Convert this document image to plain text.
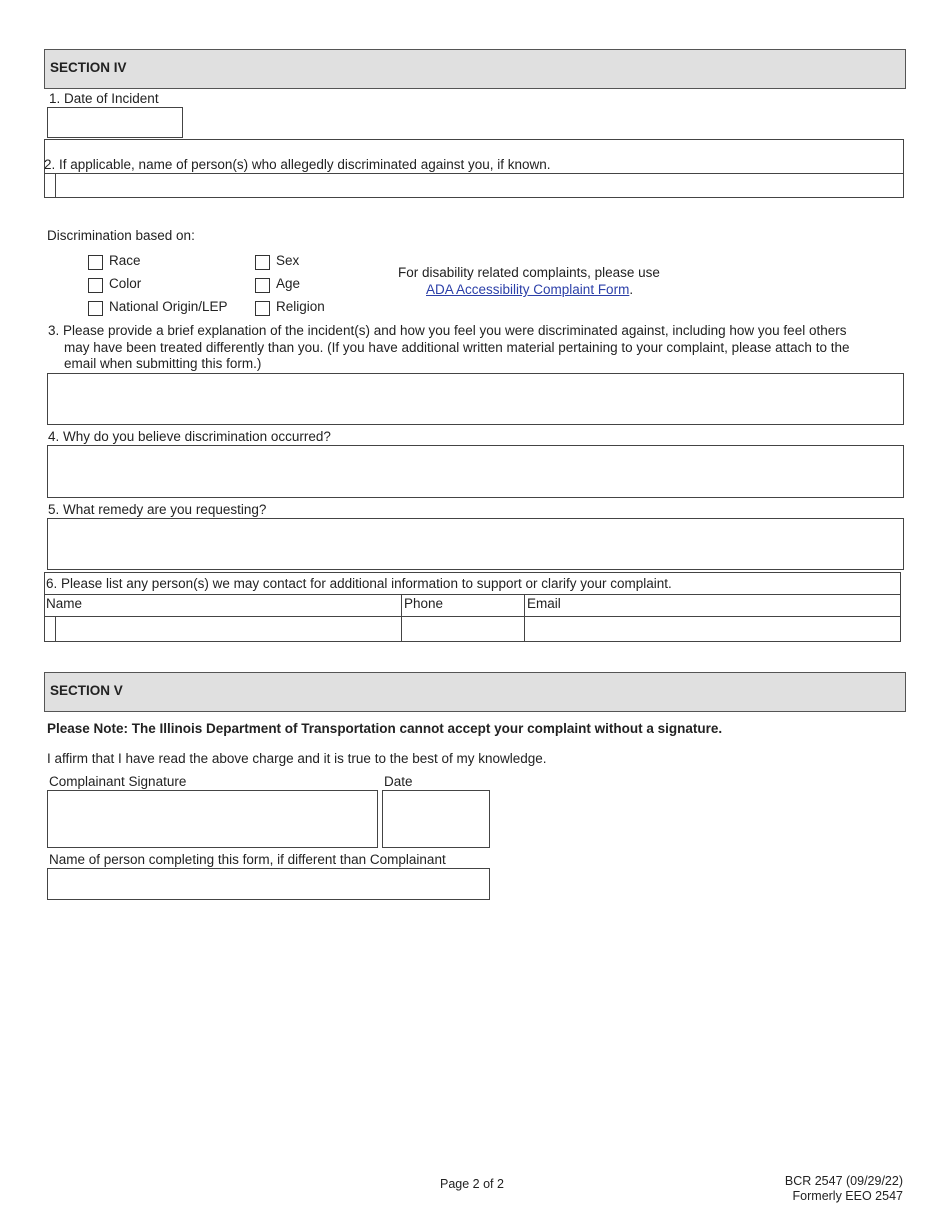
SECTION IV
1. Date of Incident
2. If applicable, name of person(s) who allegedly discriminated against you, if known.
Discrimination based on:
Race
Color
National Origin/LEP
Sex
Age
Religion
For disability related complaints, please use
ADA Accessibility Complaint Form.
3. Please provide a brief explanation of the incident(s) and how you feel you were discriminated against, including how you feel others
may have been treated differently than you. (If you have additional written material pertaining to your complaint, please attach to the
email when submitting this form.)
4. Why do you believe discrimination occurred?
5. What remedy are you requesting?
6. Please list any person(s) we may contact for additional information to support or clarify your complaint.
Name	Phone	Email
SECTION V
Please Note: The Illinois Department of Transportation cannot accept your complaint without a signature.
I affirm that I have read the above charge and it is true to the best of my knowledge.
Complainant Signature	Date
Name of person completing this form, if different than Complainant
Page 2 of 2	BCR 2547 (09/29/22)
Formerly EEO 2547
